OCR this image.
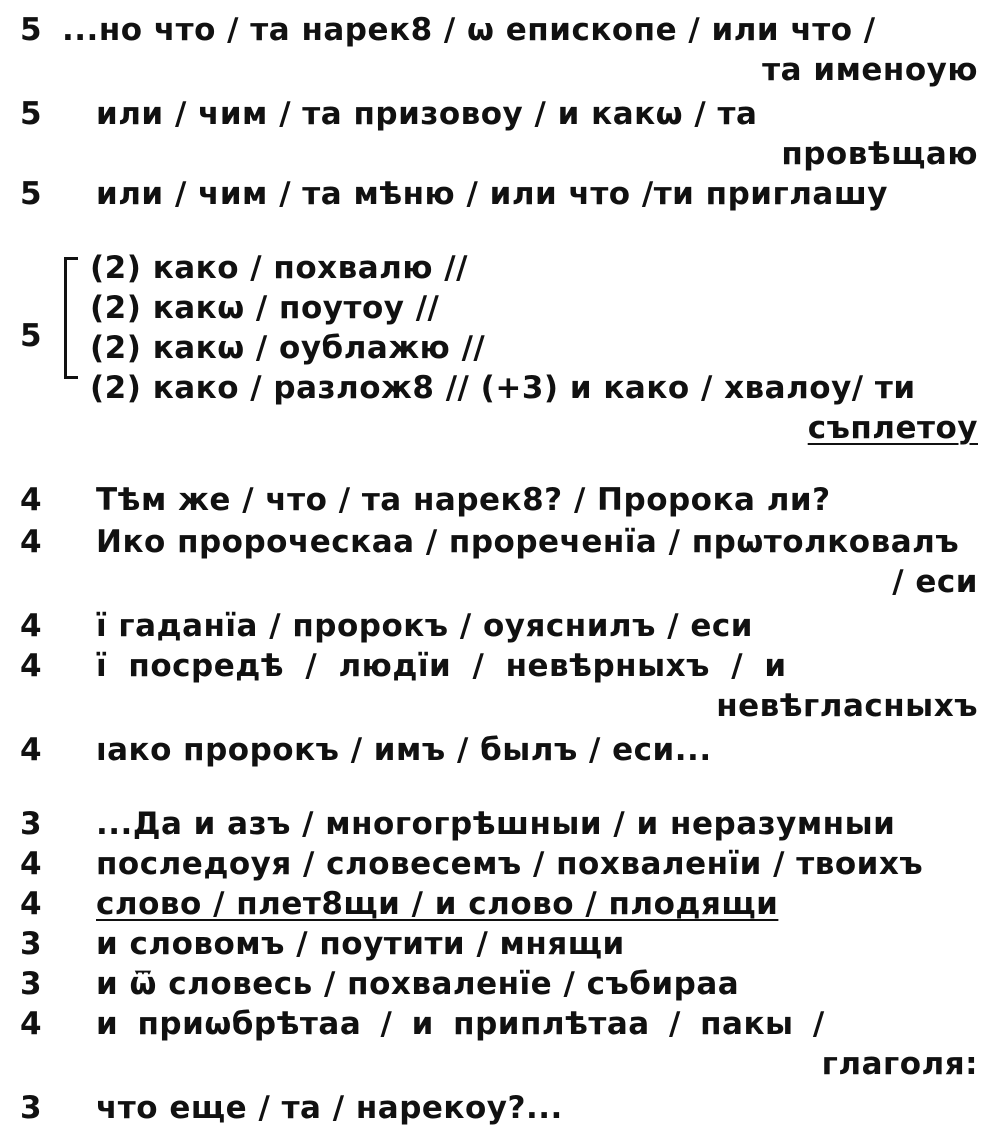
5 ...но что / та нарек8 / ѡ епископе / или что /
та именоую
5 или / чим / та призовоу / и какѡ / та
провѣщаю
5 или / чим / та мѣню / или что /ти приглашу
5
(2) како / похвалю //
(2) какѡ / поутоу //
(2) какѡ / оублажю //
(2) како / разлож8 // (+3) и како / хвалоу/ ти
съплетоу
4 Тѣм же / что / та нарек8? / Пророка ли?
4 Ико пророческаа / прореченїа / прѡтолковалъ
/ еси
4 ї гаданїа / пророкъ / оуяснилъ / еси
4 ї посредѣ / людїи / невѣрныхъ / и
невѣгласныхъ
4 ıако пророкъ / имъ / былъ / еси...
3 ...Да и азъ / многогрѣшныи / и неразумныи
4 последоуя / словесемъ / похваленїи / твоихъ
4 слово / плет8щи / и слово / плодящи
3 и словомъ / поутити / мнящи
3 и ѿ словесь / похваленїе / събираа
4 и приѡбрѣтаа / и приплѣтаа / пакы /
глаголя:
3 что еще / та / нарекоу?...
